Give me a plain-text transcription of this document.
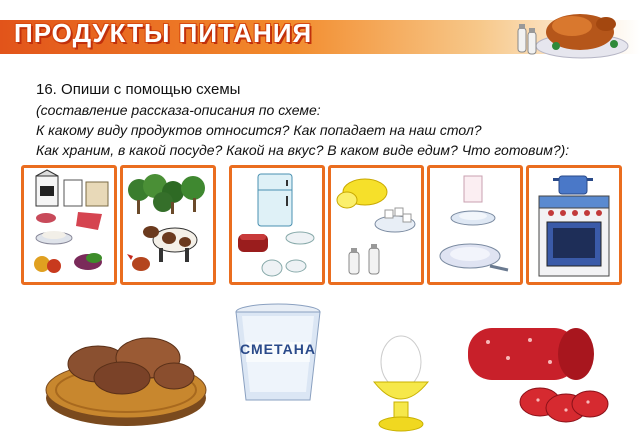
ПРОДУКТЫ ПИТАНИЯ
16. Опиши с помощью схемы
(составление рассказа-описания по схеме:
К какому виду продуктов относится? Как попадает на наш стол?
Как храним, в какой посуде? Какой на вкус? В каком виде едим? Что готовим?):
СМЕТАНА
